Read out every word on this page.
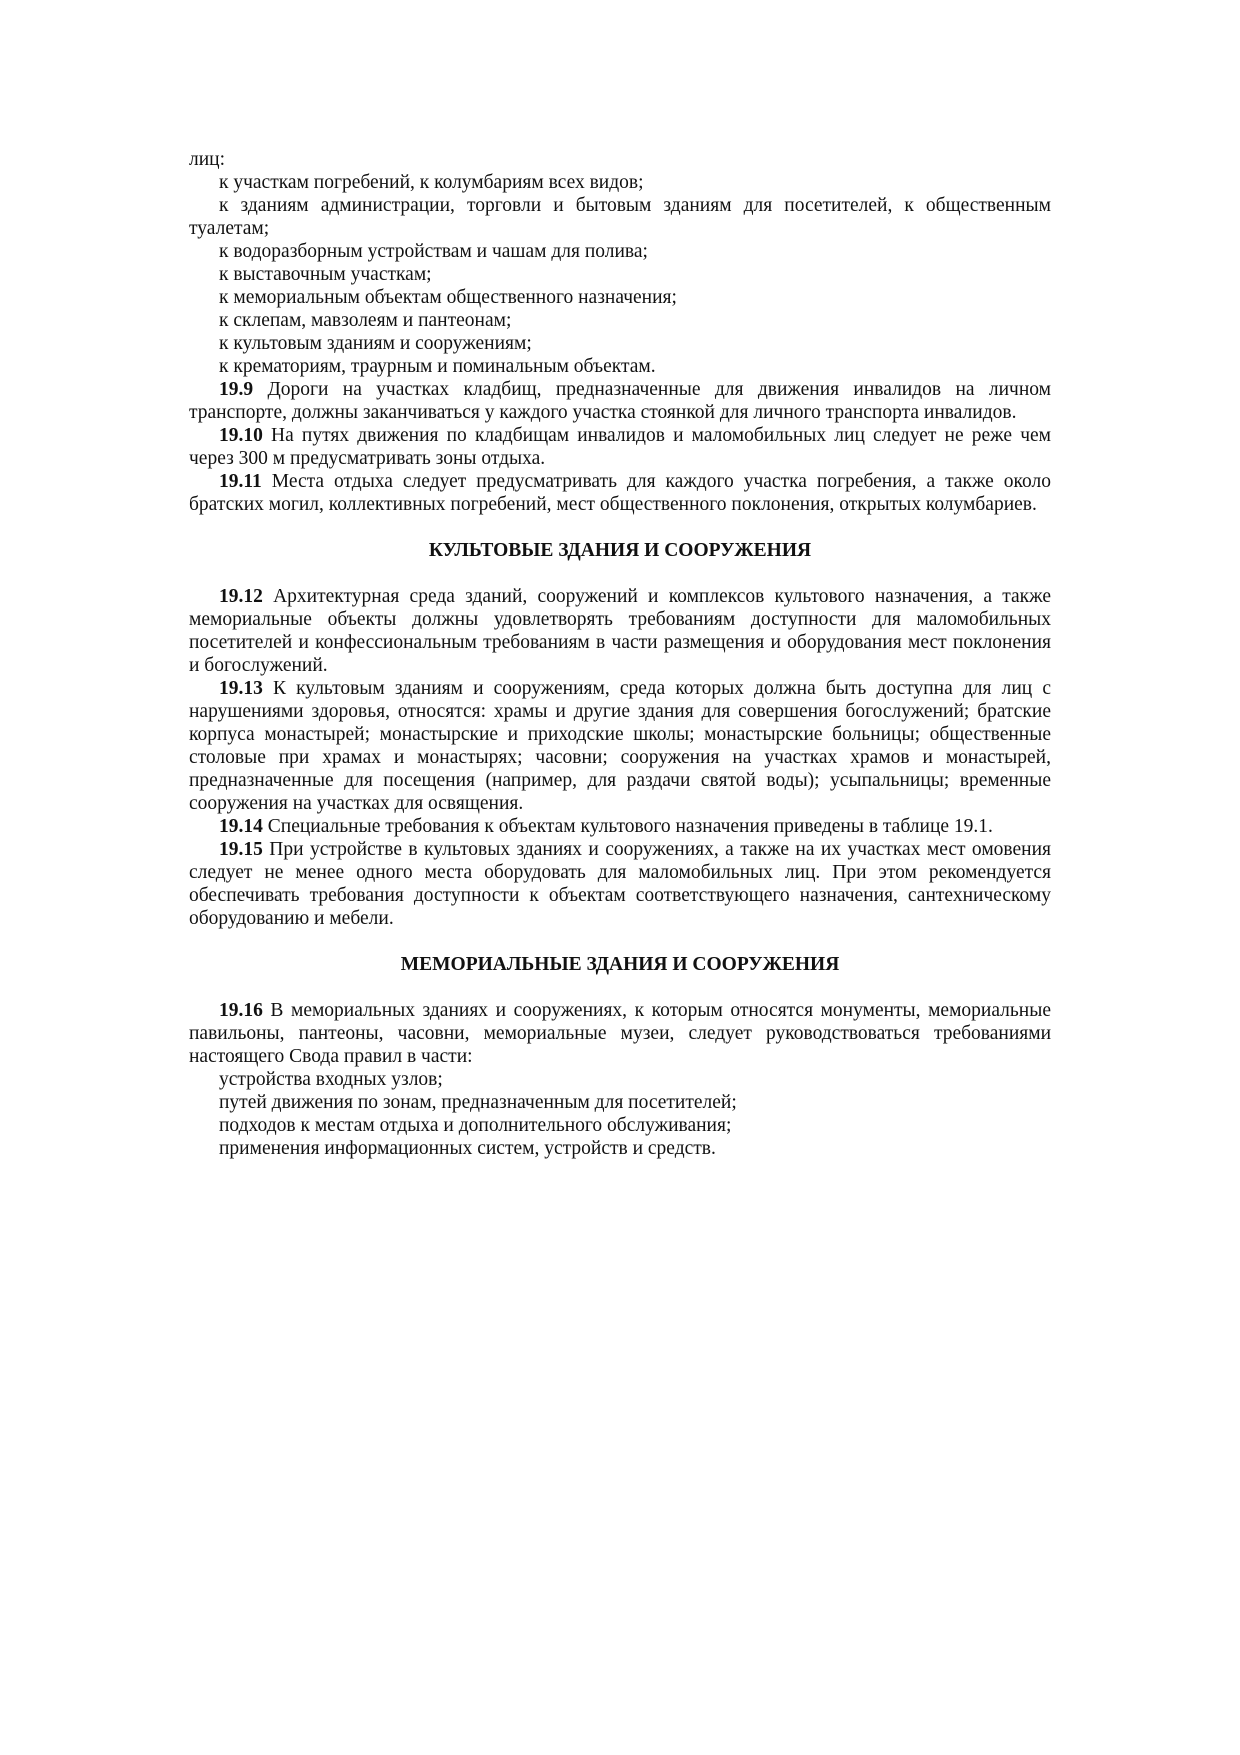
лиц:

к участкам погребений, к колумбариям всех видов;

к зданиям администрации, торговли и бытовым зданиям для посетителей, к общественным туалетам;

к водоразборным устройствам и чашам для полива;

к выставочным участкам;

к мемориальным объектам общественного назначения;

к склепам, мавзолеям и пантеонам;

к культовым зданиям и сооружениям;

к крематориям, траурным и поминальным объектам.

19.9 Дороги на участках кладбищ, предназначенные для движения инвалидов на личном транспорте, должны заканчиваться у каждого участка стоянкой для личного транспорта инвалидов.

19.10 На путях движения по кладбищам инвалидов и маломобильных лиц следует не реже чем через 300 м предусматривать зоны отдыха.

19.11 Места отдыха следует предусматривать для каждого участка погребения, а также около братских могил, коллективных погребений, мест общественного поклонения, открытых колумбариев.

КУЛЬТОВЫЕ ЗДАНИЯ И СООРУЖЕНИЯ

19.12 Архитектурная среда зданий, сооружений и комплексов культового назначения, а также мемориальные объекты должны удовлетворять требованиям доступности для маломобильных посетителей и конфессиональным требованиям в части размещения и оборудования мест поклонения и богослужений.

19.13 К культовым зданиям и сооружениям, среда которых должна быть доступна для лиц с нарушениями здоровья, относятся: храмы и другие здания для совершения богослужений; братские корпуса монастырей; монастырские и приходские школы; монастырские больницы; общественные столовые при храмах и монастырях; часовни; сооружения на участках храмов и монастырей, предназначенные для посещения (например, для раздачи святой воды); усыпальницы; временные сооружения на участках для освящения.

19.14 Специальные требования к объектам культового назначения приведены в таблице 19.1.

19.15 При устройстве в культовых зданиях и сооружениях, а также на их участках мест омовения следует не менее одного места оборудовать для маломобильных лиц. При этом рекомендуется обеспечивать требования доступности к объектам соответствующего назначения, сантехническому оборудованию и мебели.

МЕМОРИАЛЬНЫЕ ЗДАНИЯ И СООРУЖЕНИЯ

19.16 В мемориальных зданиях и сооружениях, к которым относятся монументы, мемориальные павильоны, пантеоны, часовни, мемориальные музеи, следует руководствоваться требованиями настоящего Свода правил в части:

устройства входных узлов;

путей движения по зонам, предназначенным для посетителей;

подходов к местам отдыха и дополнительного обслуживания;

применения информационных систем, устройств и средств.
